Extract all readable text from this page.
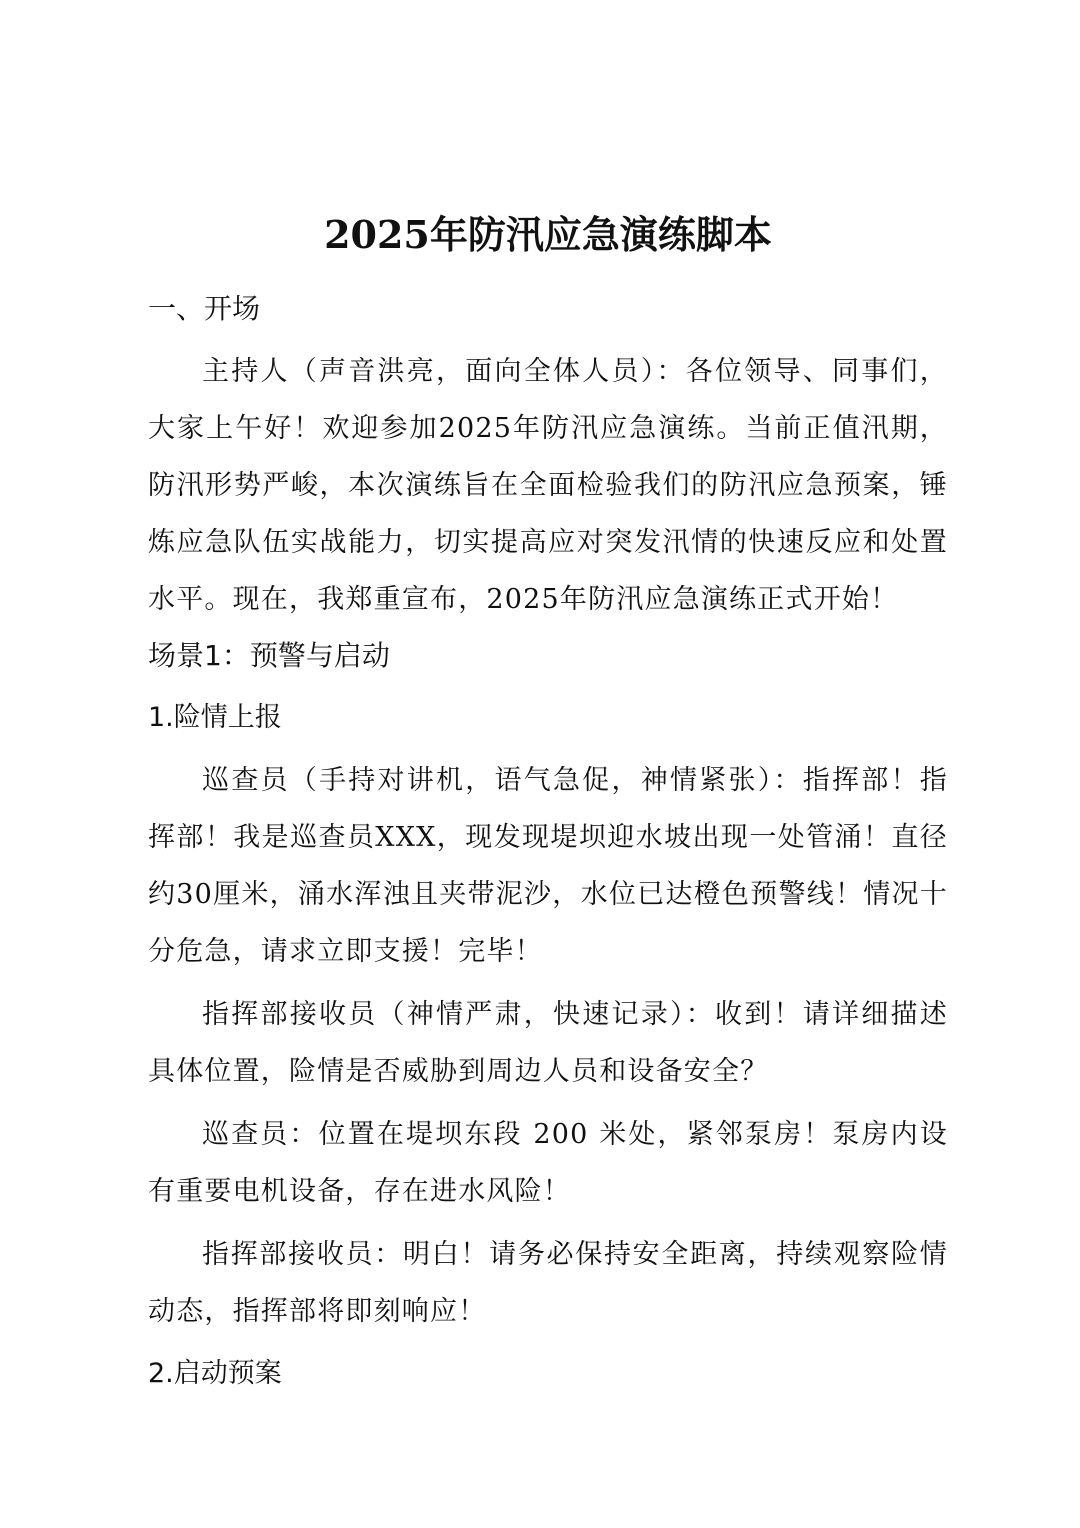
2025年防汛应急演练脚本

一、开场

主持人（声音洪亮，面向全体人员）：各位领导、同事们，大家上午好！欢迎参加2025年防汛应急演练。当前正值汛期，防汛形势严峻，本次演练旨在全面检验我们的防汛应急预案，锤炼应急队伍实战能力，切实提高应对突发汛情的快速反应和处置水平。现在，我郑重宣布，2025年防汛应急演练正式开始！

场景1：预警与启动

1.险情上报

巡查员（手持对讲机，语气急促，神情紧张）：指挥部！指挥部！我是巡查员XXX，现发现堤坝迎水坡出现一处管涌！直径约30厘米，涌水浑浊且夹带泥沙，水位已达橙色预警线！情况十分危急，请求立即支援！完毕！

指挥部接收员（神情严肃，快速记录）：收到！请详细描述具体位置，险情是否威胁到周边人员和设备安全？

巡查员：位置在堤坝东段 200 米处，紧邻泵房！泵房内设有重要电机设备，存在进水风险！

指挥部接收员：明白！请务必保持安全距离，持续观察险情动态，指挥部将即刻响应！

2.启动预案
